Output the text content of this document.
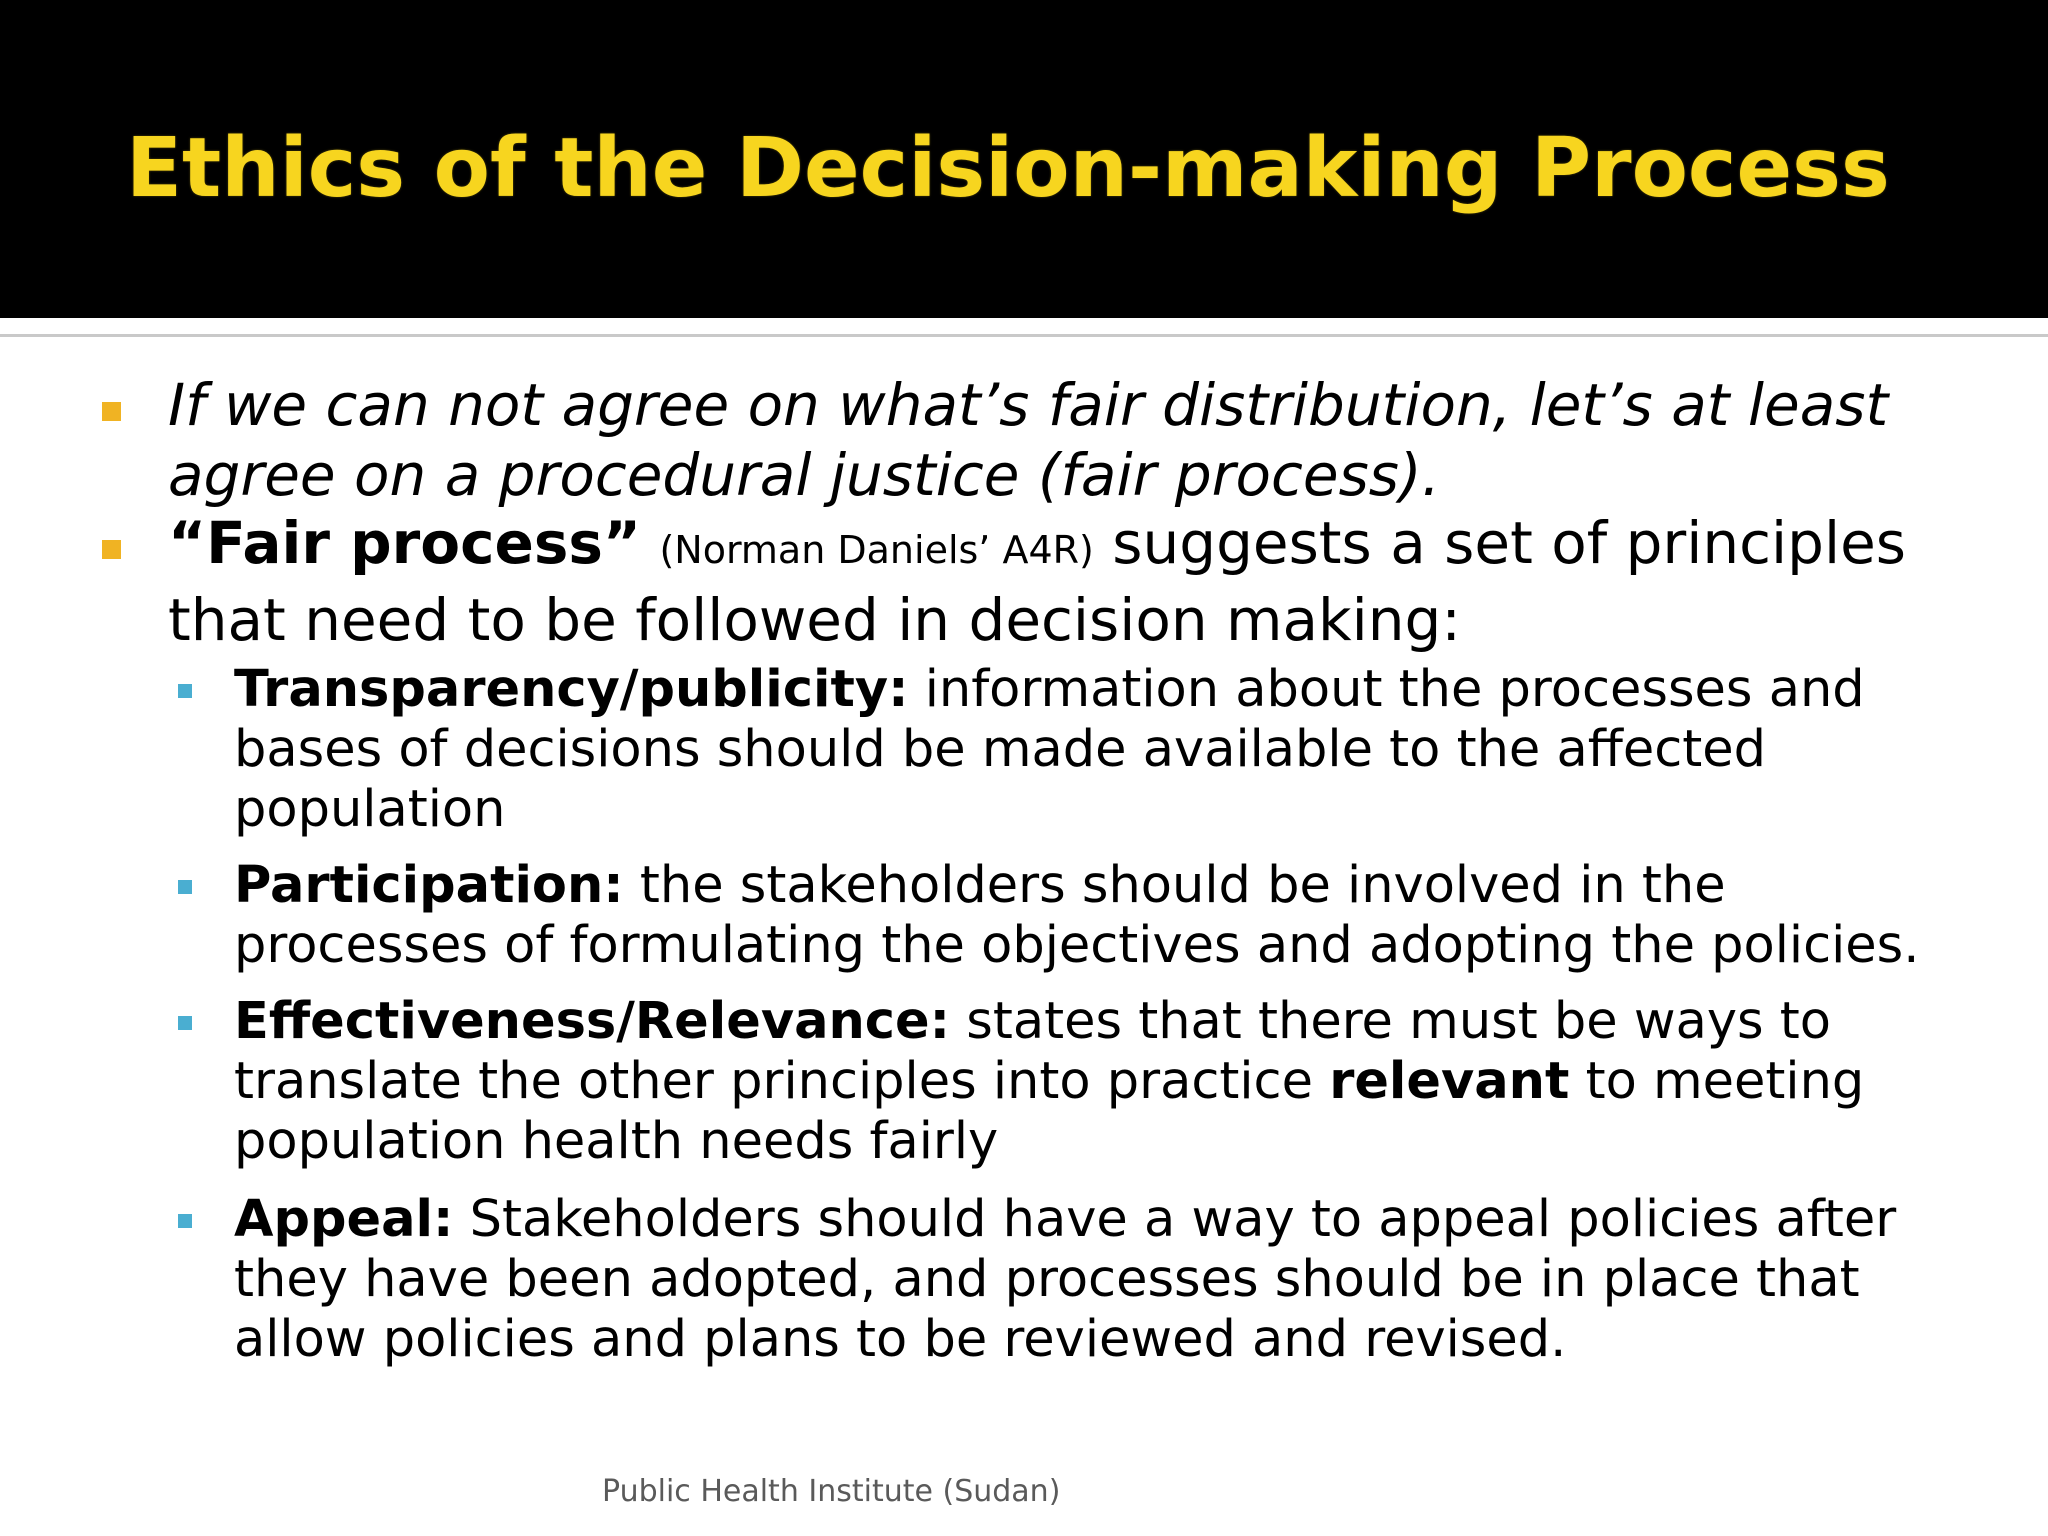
Ethics of the Decision-making Process
If we can not agree on what’s fair distribution, let’s at least
agree on a procedural justice (fair process).
“Fair process” (Norman Daniels’ A4R) suggests a set of principles
that need to be followed in decision making:
Transparency/publicity: information about the processes and
bases of decisions should be made available to the affected
population
Participation: the stakeholders should be involved in the
processes of formulating the objectives and adopting the policies.
Effectiveness/Relevance: states that there must be ways to
translate the other principles into practice relevant to meeting
population health needs fairly
Appeal: Stakeholders should have a way to appeal policies after
they have been adopted, and processes should be in place that
allow policies and plans to be reviewed and revised.
Public Health Institute (Sudan)
